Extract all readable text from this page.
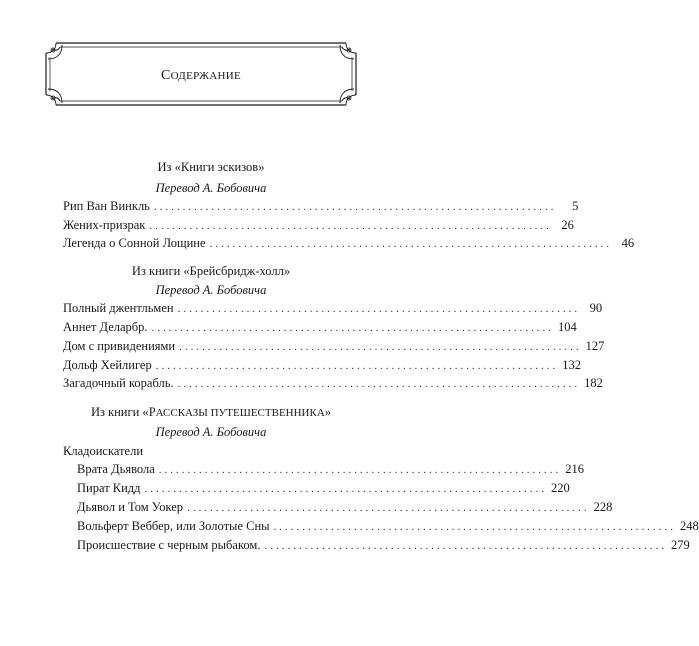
СОДЕРЖАНИЕ
Из «Книги эскизов»
Перевод А. Бобовича
Рип Ван Винкль ......................................................................	5
Жених-призрак ...................................................................... 26
Легенда о Сонной Лощине ...................................................................... 46
Из книги «Брейсбридж-холл»
Перевод А. Бобовича
Полный джентльмен ...................................................................... 90
Аннет Деларбр. ...................................................................... 104
Дом с привидениями ...................................................................... 127
Дольф Хейлигер ...................................................................... 132
Загадочный корабль. ...................................................................... 182
Из книги «РАССКАЗЫ ПУТЕШЕСТВЕННИКА»
Перевод А. Бобовича
Кладоискатели
Врата Дьявола ...................................................................... 216
Пират Кидд ...................................................................... 220
Дьявол и Том Уокер ...................................................................... 228
Вольферт Веббер, или Золотые Сны ...................................................................... 248
Происшествие с черным рыбаком. ...................................................................... 279
